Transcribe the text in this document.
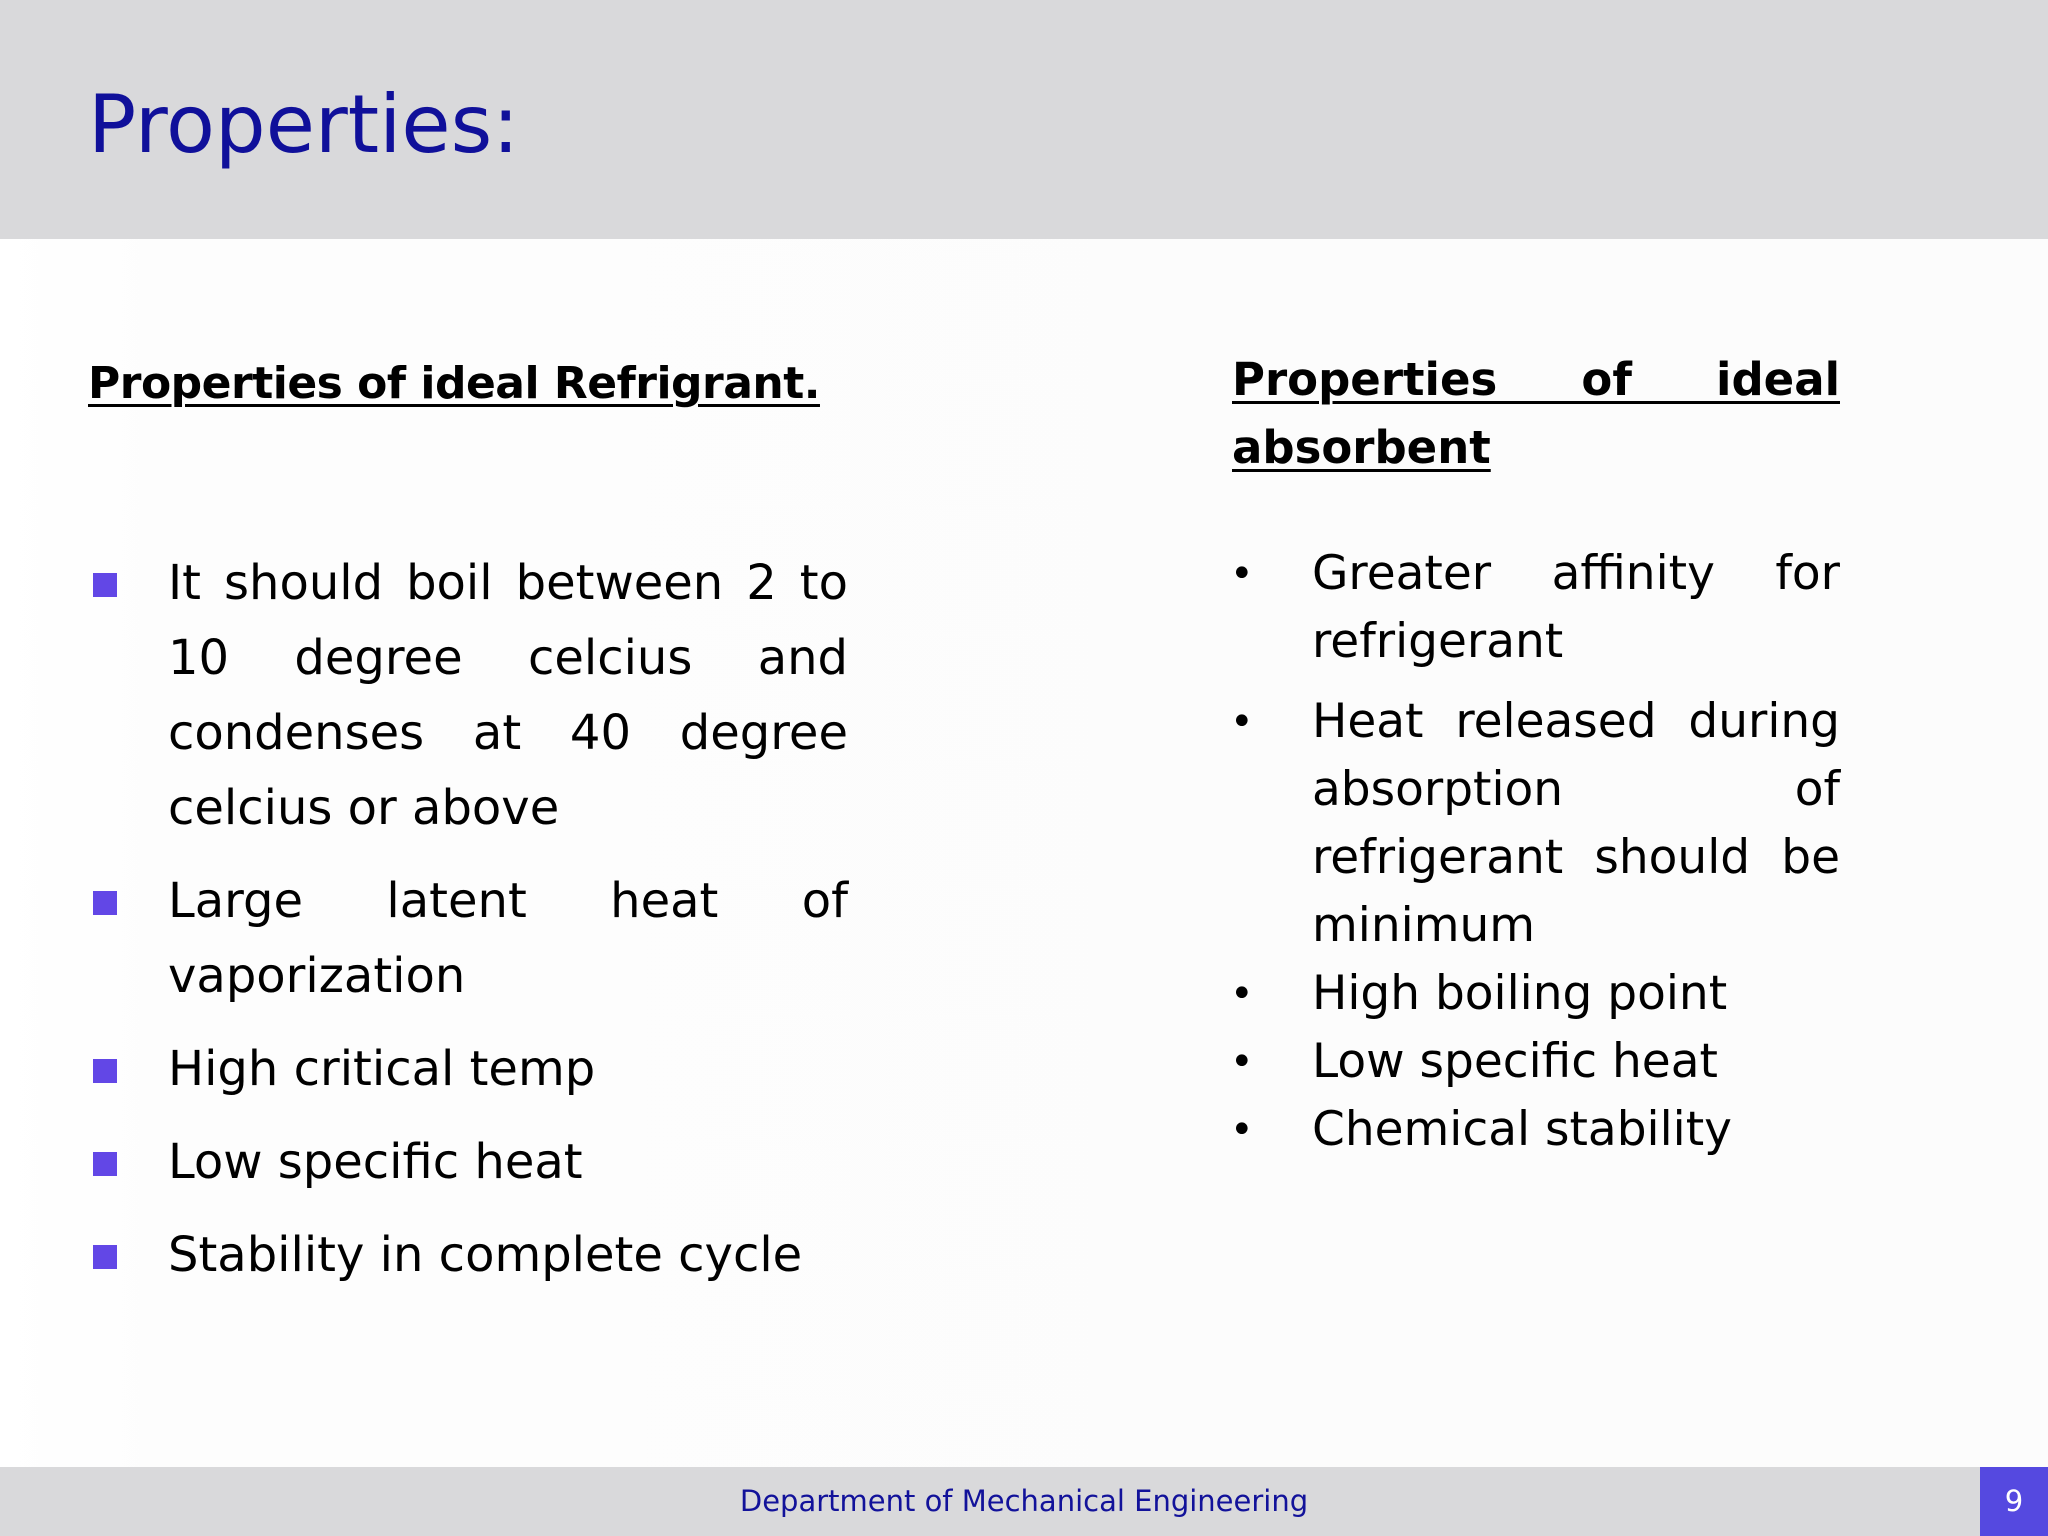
Properties:

Properties of ideal Refrigrant.

It should boil between 2 to 10 degree celcius and condenses at 40 degree celcius or above
Large latent heat of vaporization
High critical temp
Low specific heat
Stability in complete cycle

Properties of ideal absorbent

• Greater affinity for refrigerant
• Heat released during absorption of refrigerant should be minimum
• High boiling point
• Low specific heat
• Chemical stability
Department of Mechanical Engineering	9
